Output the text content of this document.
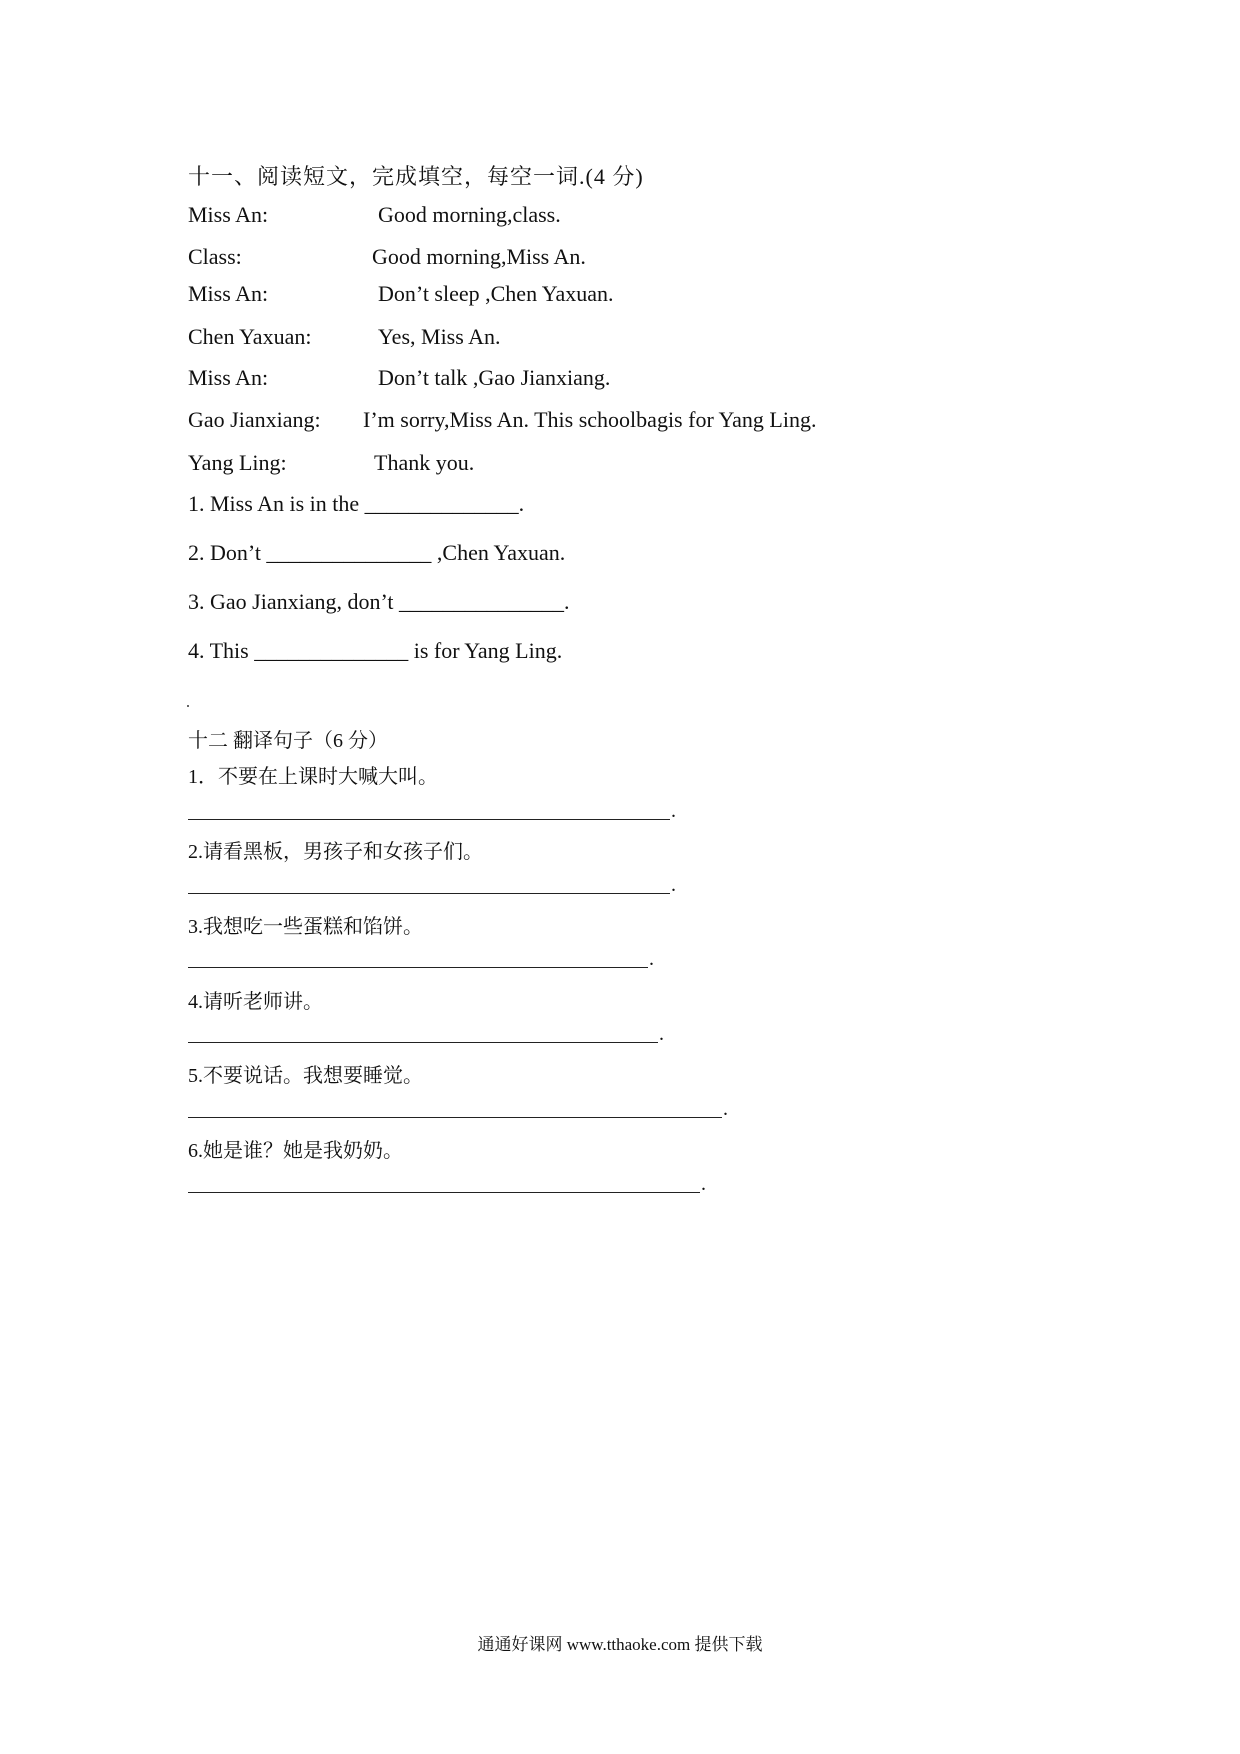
十一、阅读短文，完成填空，每空一词.(4 分)
Miss An:	Good morning,class.
Class:	Good morning,Miss An.
Miss An:	Don’t sleep ,Chen Yaxuan.
Chen Yaxuan:	Yes, Miss An.
Miss An:	Don’t talk ,Gao Jianxiang.
Gao Jianxiang: I’m sorry,Miss An. This schoolbagis for Yang Ling.
Yang Ling:	Thank you.
1. Miss An is in the ______________.
2. Don’t _______________ ,Chen Yaxuan.
3. Gao Jianxiang, don’t _______________.
4. This ______________ is for Yang Ling.
十二 翻译句子（6 分）
1．不要在上课时大喊大叫。
.
2.请看黑板，男孩子和女孩子们。
.
3.我想吃一些蛋糕和馅饼。
.
4.请听老师讲。
.
5.不要说话。我想要睡觉。
.
6.她是谁？她是我奶奶。
.
通通好课网 www.tthaoke.com 提供下载
